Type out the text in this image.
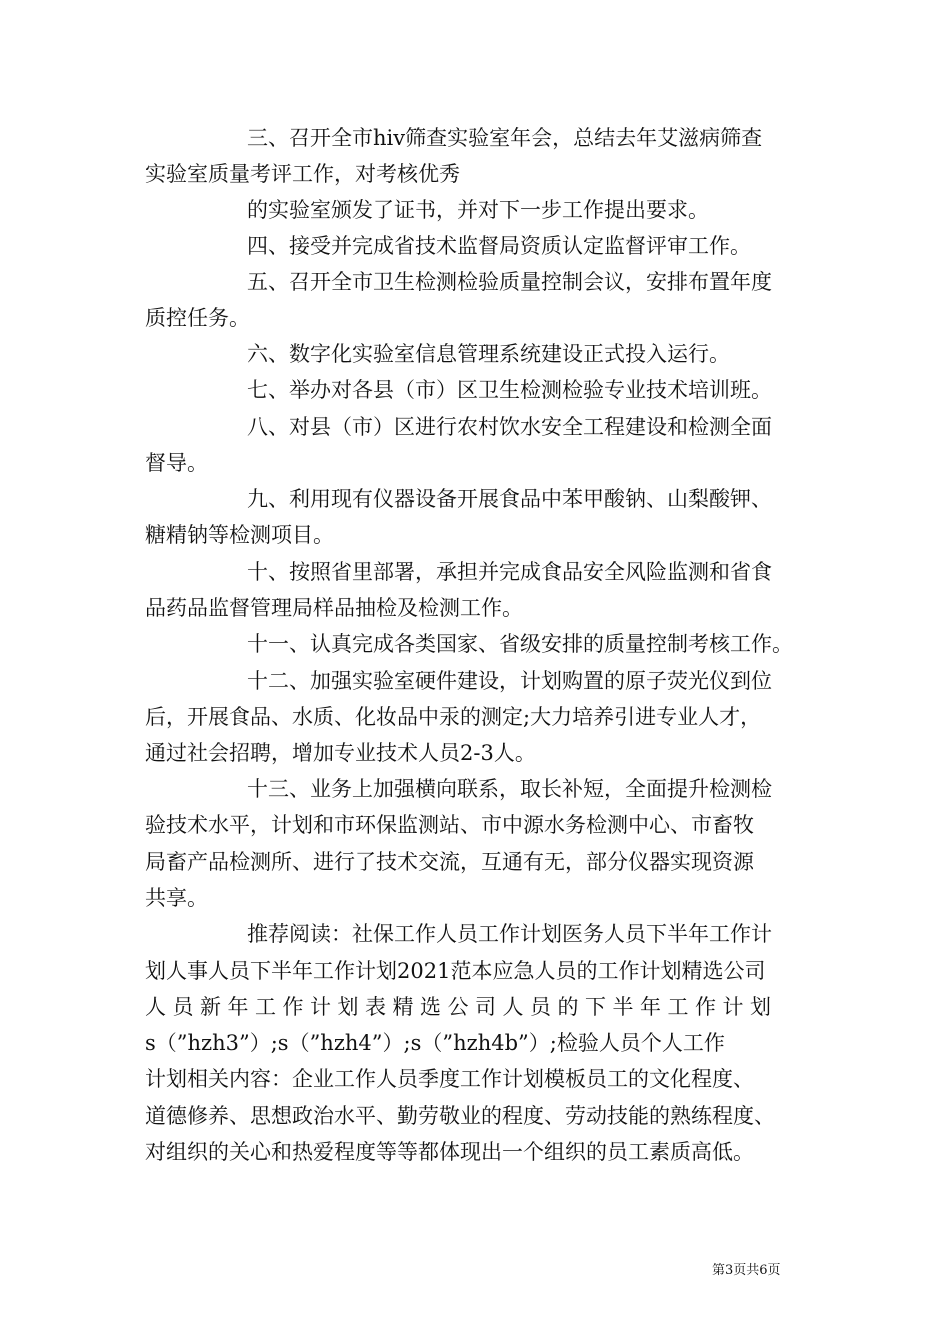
三、召开全市hiv筛查实验室年会，总结去年艾滋病筛查
实验室质量考评工作，对考核优秀
的实验室颁发了证书，并对下一步工作提出要求。
四、接受并完成省技术监督局资质认定监督评审工作。
五、召开全市卫生检测检验质量控制会议，安排布置年度
质控任务。
六、数字化实验室信息管理系统建设正式投入运行。
七、举办对各县（市）区卫生检测检验专业技术培训班。
八、对县（市）区进行农村饮水安全工程建设和检测全面
督导。
九、利用现有仪器设备开展食品中苯甲酸钠、山梨酸钾、
糖精钠等检测项目。
十、按照省里部署，承担并完成食品安全风险监测和省食
品药品监督管理局样品抽检及检测工作。
十一、认真完成各类国家、省级安排的质量控制考核工作。
十二、加强实验室硬件建设，计划购置的原子荧光仪到位
后，开展食品、水质、化妆品中汞的测定;大力培养引进专业人才，
通过社会招聘，增加专业技术人员2-3人。
十三、业务上加强横向联系，取长补短，全面提升检测检
验技术水平，计划和市环保监测站、市中源水务检测中心、市畜牧
局畜产品检测所、进行了技术交流，互通有无，部分仪器实现资源
共享。
推荐阅读：社保工作人员工作计划医务人员下半年工作计
划人事人员下半年工作计划2021范本应急人员的工作计划精选公司
人员新年工作计划表精选公司人员的下半年工作计划
s（”hzh3”）;s（”hzh4”）;s（”hzh4b”）;检验人员个人工作
计划相关内容：企业工作人员季度工作计划模板员工的文化程度、
道德修养、思想政治水平、勤劳敬业的程度、劳动技能的熟练程度、
对组织的关心和热爱程度等等都体现出一个组织的员工素质高低。
第3页共6页
